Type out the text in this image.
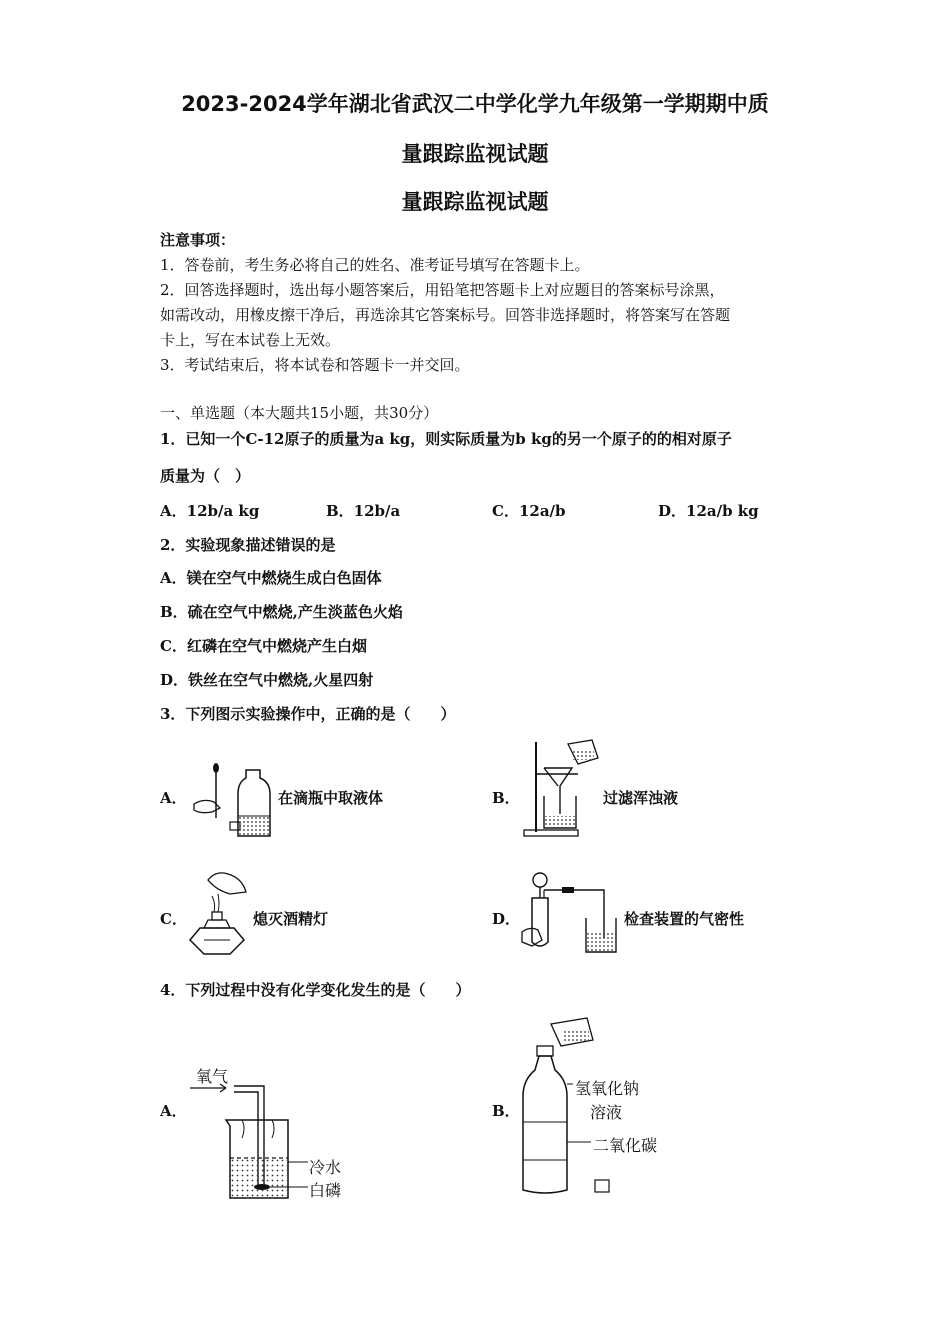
2023-2024学年湖北省武汉二中学化学九年级第一学期期中质
量跟踪监视试题
量跟踪监视试题
注意事项：
1．答卷前，考生务必将自己的姓名、准考证号填写在答题卡上。
2．回答选择题时，选出每小题答案后，用铅笔把答题卡上对应题目的答案标号涂黑，
如需改动，用橡皮擦干净后，再选涂其它答案标号。回答非选择题时，将答案写在答题
卡上，写在本试卷上无效。
3．考试结束后，将本试卷和答题卡一并交回。
一、单选题（本大题共15小题，共30分）
1．已知一个C-12原子的质量为a kg，则实际质量为b kg的另一个原子的的相对原子
质量为（　）
A．12b/a kg	B．12b/a	C．12a/b	D．12a/b kg
2．实验现象描述错误的是
A．镁在空气中燃烧生成白色固体
B．硫在空气中燃烧,产生淡蓝色火焰
C．红磷在空气中燃烧产生白烟
D．铁丝在空气中燃烧,火星四射
3．下列图示实验操作中，正确的是（　　）
A．	在滴瓶中取液体	B．	过滤浑浊液
C．	熄灭酒精灯	D．	检查装置的气密性
4．下列过程中没有化学变化发生的是（　　）
A．
氧气
冷水
白磷
B．
氢氧化钠
溶液
二氧化碳
